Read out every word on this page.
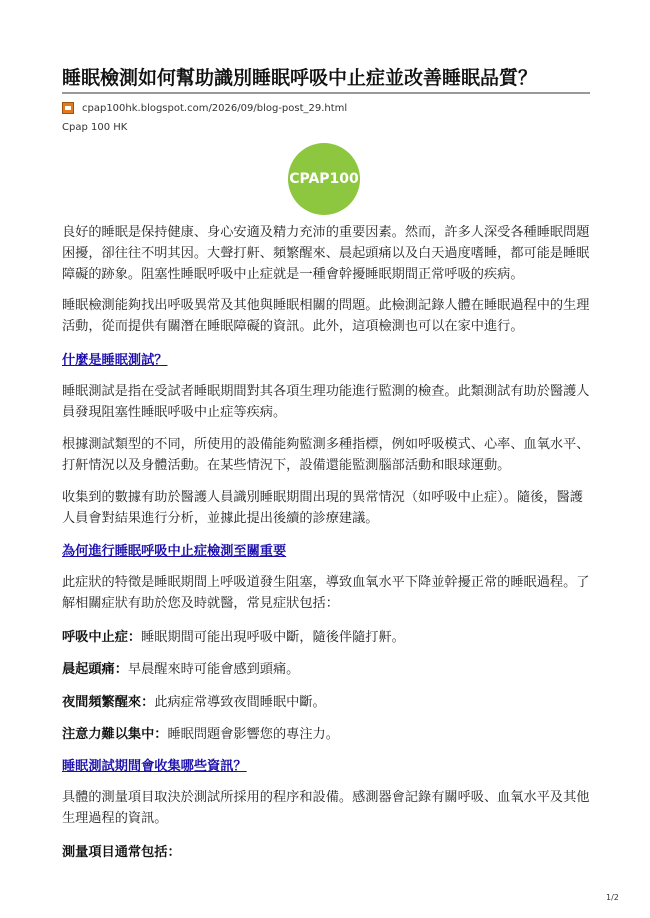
睡眠檢測如何幫助識別睡眠呼吸中止症並改善睡眠品質？
cpap100hk.blogspot.com/2026/09/blog-post_29.html
Cpap 100 HK
CPAP100
良好的睡眠是保持健康、身心安適及精力充沛的重要因素。然而，許多人深受各種睡眠問題困擾，卻往往不明其因。大聲打鼾、頻繁醒來、晨起頭痛以及白天過度嗜睡，都可能是睡眠障礙的跡象。阻塞性睡眠呼吸中止症就是一種會幹擾睡眠期間正常呼吸的疾病。
睡眠檢測能夠找出呼吸異常及其他與睡眠相關的問題。此檢測記錄人體在睡眠過程中的生理活動，從而提供有關潛在睡眠障礙的資訊。此外，這項檢測也可以在家中進行。
什麼是睡眠測試？
睡眠測試是指在受試者睡眠期間對其各項生理功能進行監測的檢查。此類測試有助於醫護人員發現阻塞性睡眠呼吸中止症等疾病。
根據測試類型的不同，所使用的設備能夠監測多種指標，例如呼吸模式、心率、血氧水平、打鼾情況以及身體活動。在某些情況下，設備還能監測腦部活動和眼球運動。
收集到的數據有助於醫護人員識別睡眠期間出現的異常情況（如呼吸中止症）。隨後，醫護人員會對結果進行分析，並據此提出後續的診療建議。
為何進行睡眠呼吸中止症檢測至關重要
此症狀的特徵是睡眠期間上呼吸道發生阻塞，導致血氧水平下降並幹擾正常的睡眠過程。了解相關症狀有助於您及時就醫，常見症狀包括：
呼吸中止症：睡眠期間可能出現呼吸中斷，隨後伴隨打鼾。
晨起頭痛：早晨醒來時可能會感到頭痛。
夜間頻繁醒來：此病症常導致夜間睡眠中斷。
注意力難以集中：睡眠問題會影響您的專注力。
睡眠測試期間會收集哪些資訊？
具體的測量項目取決於測試所採用的程序和設備。感測器會記錄有關呼吸、血氧水平及其他生理過程的資訊。
測量項目通常包括：
1/2
